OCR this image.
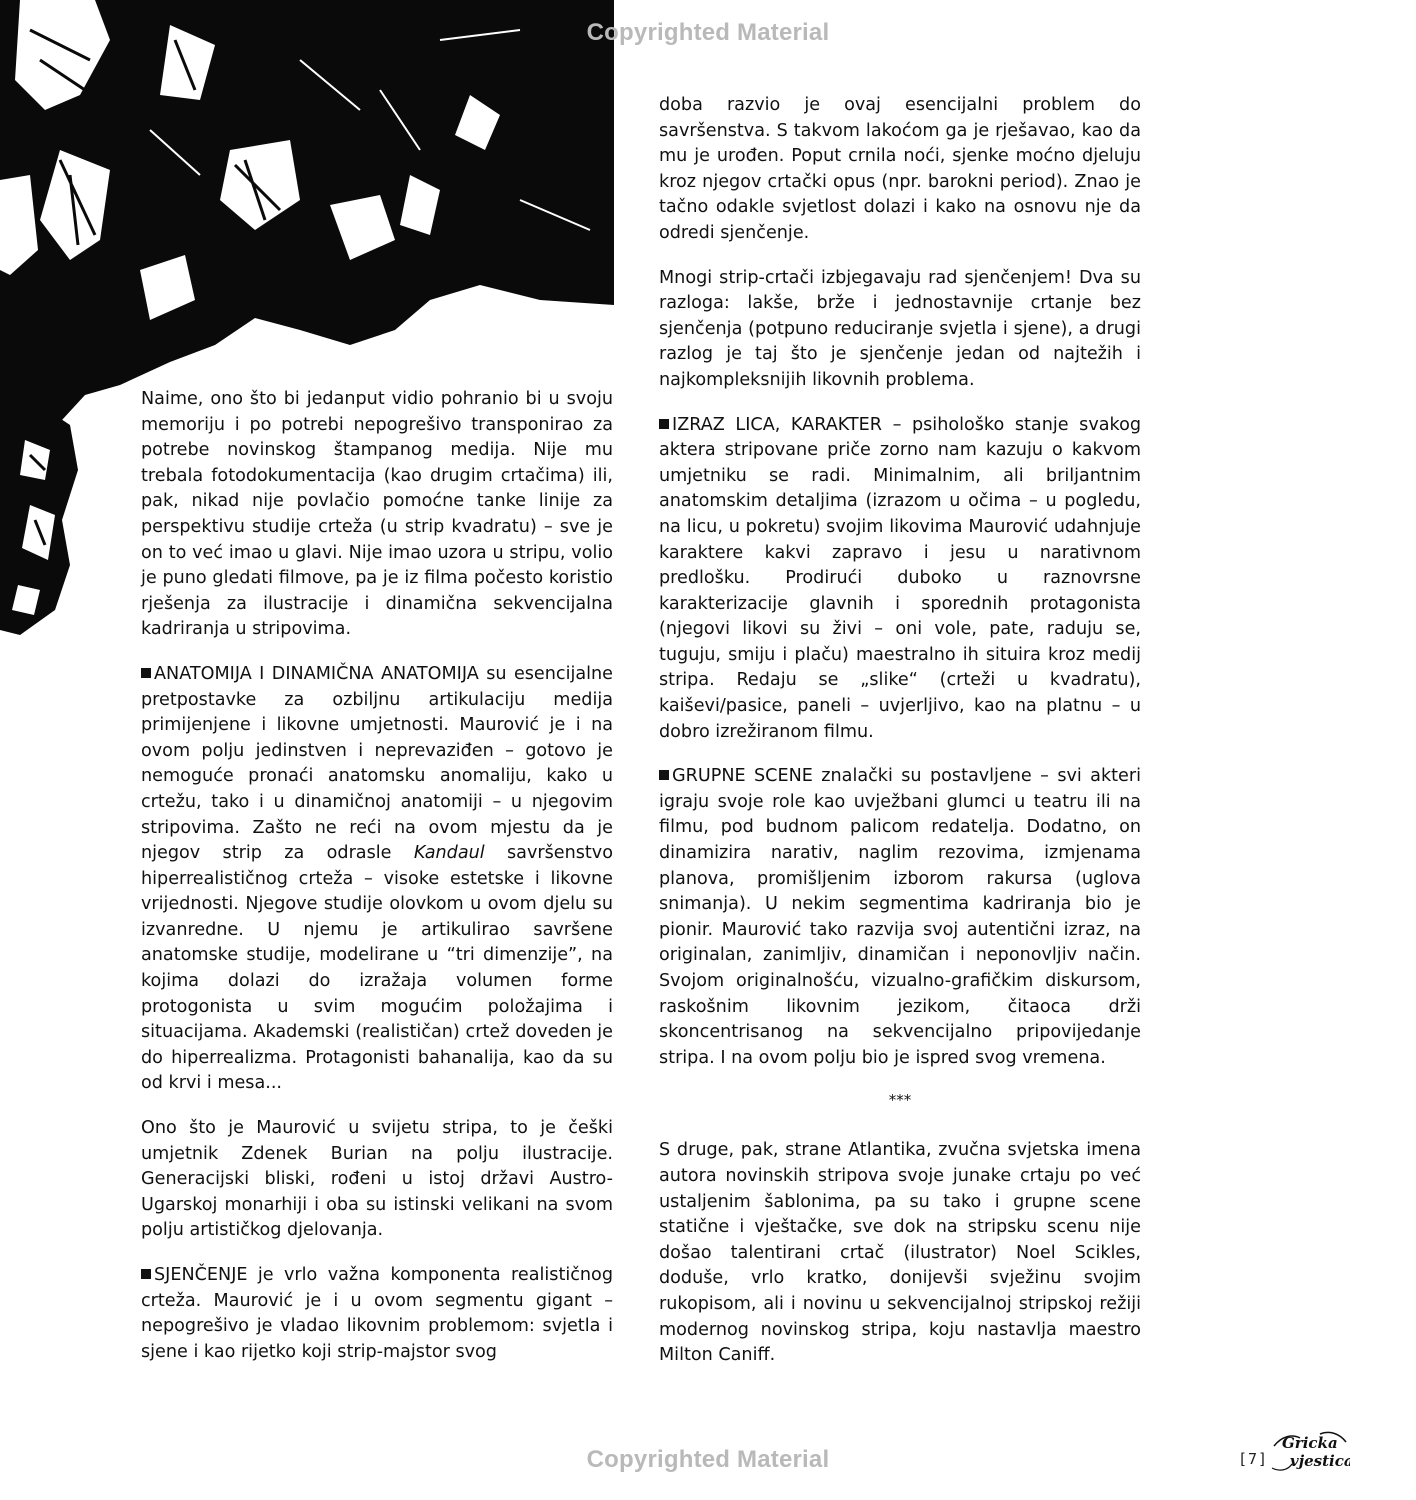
Copyrighted Material

Naime, ono što bi jedanput vidio pohranio bi u svoju memoriju i po potrebi nepogrešivo transponirao za potrebe novinskog štampanog medija. Nije mu trebala fotodokumentacija (kao drugim crtačima) ili, pak, nikad nije povlačio pomoćne tanke linije za perspektivu studije crteža (u strip kvadratu) – sve je on to već imao u glavi. Nije imao uzora u stripu, volio je puno gledati filmove, pa je iz filma počesto koristio rješenja za ilustracije i dinamična sekvencijalna kadriranja u stripovima.

ANATOMIJA I DINAMIČNA ANATOMIJA su esencijalne pretpostavke za ozbiljnu artikulaciju medija primijenjene i likovne umjetnosti. Maurović je i na ovom polju jedinstven i neprevaziđen – gotovo je nemoguće pronaći anatomsku anomaliju, kako u crtežu, tako i u dinamičnoj anatomiji – u njegovim stripovima. Zašto ne reći na ovom mjestu da je njegov strip za odrasle Kandaul savršenstvo hiperrealističnog crteža – visoke estetske i likovne vrijednosti. Njegove studije olovkom u ovom djelu su izvanredne. U njemu je artikulirao savršene anatomske studije, modelirane u “tri dimenzije”, na kojima dolazi do izražaja volumen forme protogonista u svim mogućim položajima i situacijama. Akademski (realističan) crtež doveden je do hiperrealizma. Protagonisti bahanalija, kao da su od krvi i mesa...

Ono što je Maurović u svijetu stripa, to je češki umjetnik Zdenek Burian na polju ilustracije. Generacijski bliski, rođeni u istoj državi Austro-Ugarskoj monarhiji i oba su istinski velikani na svom polju artističkog djelovanja.

SJENČENJE je vrlo važna komponenta realističnog crteža. Maurović je i u ovom segmentu gigant – nepogrešivo je vladao likovnim problemom: svjetla i sjene i kao rijetko koji strip-majstor svog

doba razvio je ovaj esencijalni problem do savršenstva. S takvom lakoćom ga je rješavao, kao da mu je urođen. Poput crnila noći, sjenke moćno djeluju kroz njegov crtački opus (npr. barokni period). Znao je tačno odakle svjetlost dolazi i kako na osnovu nje da odredi sjenčenje.

Mnogi strip-crtači izbjegavaju rad sjenčenjem! Dva su razloga: lakše, brže i jednostavnije crtanje bez sjenčenja (potpuno reduciranje svjetla i sjene), a drugi razlog je taj što je sjenčenje jedan od najtežih i najkompleksnijih likovnih problema.

IZRAZ LICA, KARAKTER – psihološko stanje svakog aktera stripovane priče zorno nam kazuju o kakvom umjetniku se radi. Minimalnim, ali briljantnim anatomskim detaljima (izrazom u očima – u pogledu, na licu, u pokretu) svojim likovima Maurović udahnjuje karaktere kakvi zapravo i jesu u narativnom predlošku. Prodirući duboko u raznovrsne karakterizacije glavnih i sporednih protagonista (njegovi likovi su živi – oni vole, pate, raduju se, tuguju, smiju i plaču) maestralno ih situira kroz medij stripa. Redaju se „slike“ (crteži u kvadratu), kaiševi/pasice, paneli – uvjerljivo, kao na platnu – u dobro izrežiranom filmu.

GRUPNE SCENE znalački su postavljene – svi akteri igraju svoje role kao uvježbani glumci u teatru ili na filmu, pod budnom palicom redatelja. Dodatno, on dinamizira narativ, naglim rezovima, izmjenama planova, promišljenim izborom rakursa (uglova snimanja). U nekim segmentima kadriranja bio je pionir. Maurović tako razvija svoj autentični izraz, na originalan, zanimljiv, dinamičan i neponovljiv način. Svojom originalnošću, vizualno-grafičkim diskursom, raskošnim likovnim jezikom, čitaoca drži skoncentrisanog na sekvencijalno pripovijedanje stripa. I na ovom polju bio je ispred svog vremena.

***

S druge, pak, strane Atlantika, zvučna svjetska imena autora novinskih stripova svoje junake crtaju po već ustaljenim šablonima, pa su tako i grupne scene statične i vještačke, sve dok na stripsku scenu nije došao talentirani crtač (ilustrator) Noel Scikles, doduše, vrlo kratko, donijevši svježinu svojim rukopisom, ali i novinu u sekvencijalnoj stripskoj režiji modernog novinskog stripa, koju nastavlja maestro Milton Caniff.

Copyrighted Material	[7]
Gricka
vjestica
